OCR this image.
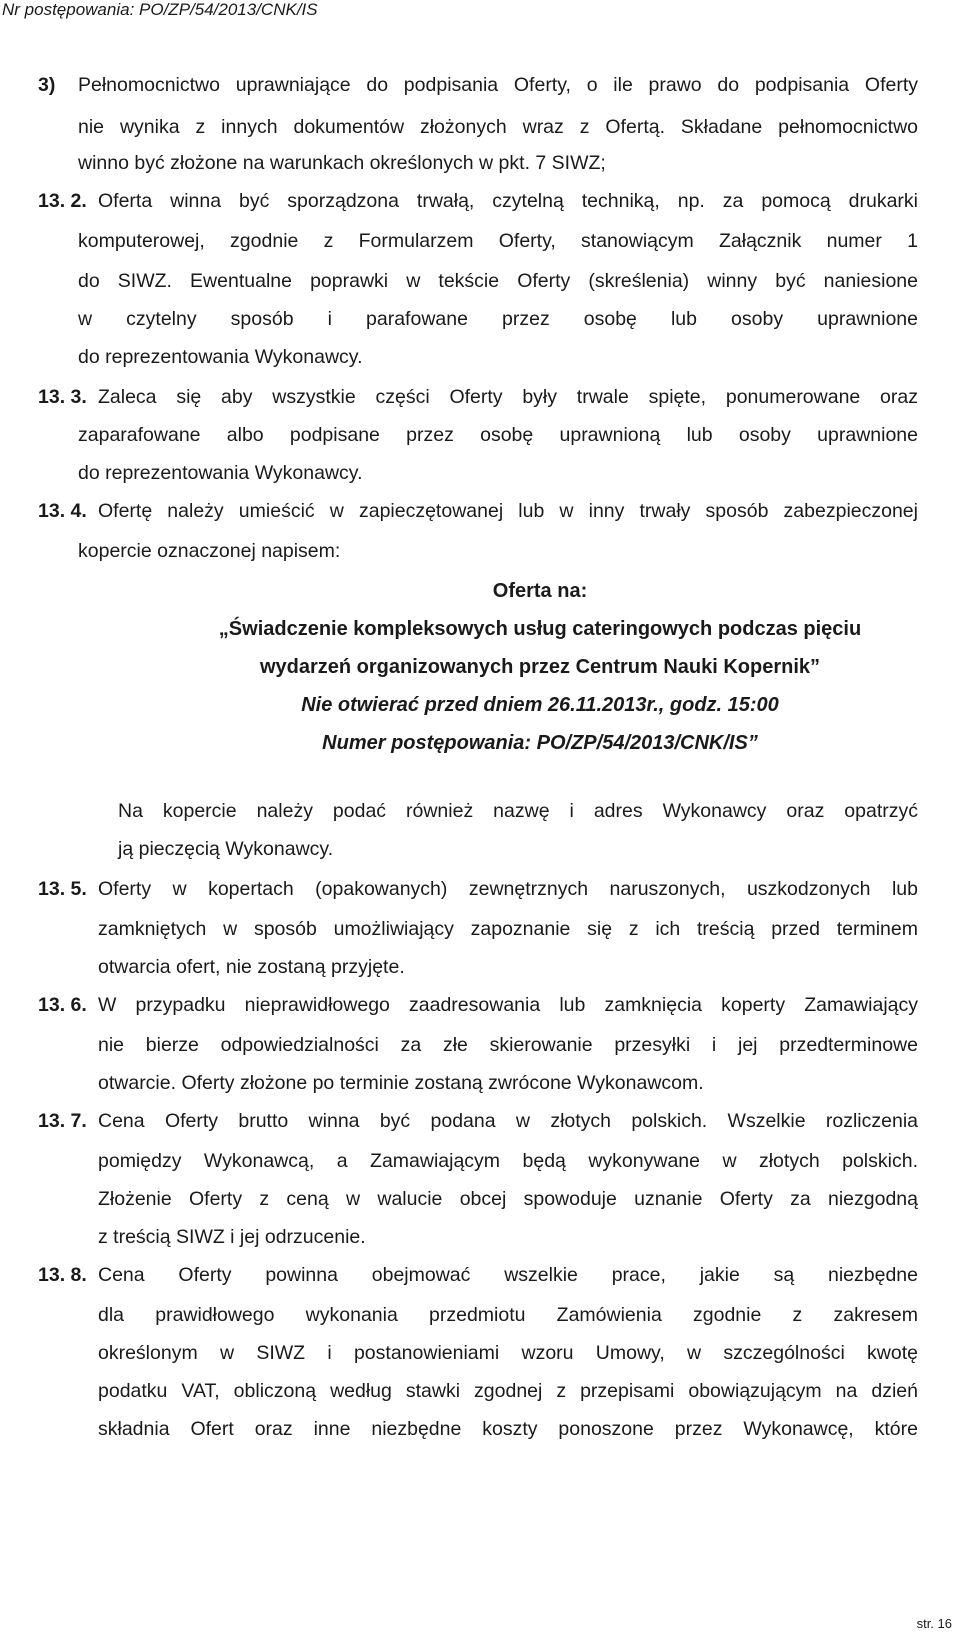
Nr postępowania: PO/ZP/54/2013/CNK/IS
3) Pełnomocnictwo uprawniające do podpisania Oferty, o ile prawo do podpisania Oferty
nie wynika z innych dokumentów złożonych wraz z Ofertą. Składane pełnomocnictwo
winno być złożone na warunkach określonych w pkt. 7 SIWZ;
13. 2. Oferta winna być sporządzona trwałą, czytelną techniką, np. za pomocą drukarki
komputerowej, zgodnie z Formularzem Oferty, stanowiącym Załącznik numer 1
do SIWZ. Ewentualne poprawki w tekście Oferty (skreślenia) winny być naniesione
w czytelny sposób i parafowane przez osobę lub osoby uprawnione
do reprezentowania Wykonawcy.
13. 3. Zaleca się aby wszystkie części Oferty były trwale spięte, ponumerowane oraz
zaparafowane albo podpisane przez osobę uprawnioną lub osoby uprawnione
do reprezentowania Wykonawcy.
13. 4. Ofertę należy umieścić w zapieczętowanej lub w inny trwały sposób zabezpieczonej
kopercie oznaczonej napisem:
Oferta na:
„Świadczenie kompleksowych usług cateringowych podczas pięciu
wydarzeń organizowanych przez Centrum Nauki Kopernik”
Nie otwierać przed dniem 26.11.2013r., godz. 15:00
Numer postępowania: PO/ZP/54/2013/CNK/IS”
Na kopercie należy podać również nazwę i adres Wykonawcy oraz opatrzyć
ją pieczęcią Wykonawcy.
13. 5. Oferty w kopertach (opakowanych) zewnętrznych naruszonych, uszkodzonych lub
zamkniętych w sposób umożliwiający zapoznanie się z ich treścią przed terminem
otwarcia ofert, nie zostaną przyjęte.
13. 6. W przypadku nieprawidłowego zaadresowania lub zamknięcia koperty Zamawiający
nie bierze odpowiedzialności za złe skierowanie przesyłki i jej przedterminowe
otwarcie. Oferty złożone po terminie zostaną zwrócone Wykonawcom.
13. 7. Cena Oferty brutto winna być podana w złotych polskich. Wszelkie rozliczenia
pomiędzy Wykonawcą, a Zamawiającym będą wykonywane w złotych polskich.
Złożenie Oferty z ceną w walucie obcej spowoduje uznanie Oferty za niezgodną
z treścią SIWZ i jej odrzucenie.
13. 8. Cena Oferty powinna obejmować wszelkie prace, jakie są niezbędne
dla prawidłowego wykonania przedmiotu Zamówienia zgodnie z zakresem
określonym w SIWZ i postanowieniami wzoru Umowy, w szczególności kwotę
podatku VAT, obliczoną według stawki zgodnej z przepisami obowiązującym na dzień
składnia Ofert oraz inne niezbędne koszty ponoszone przez Wykonawcę, które
str. 16
